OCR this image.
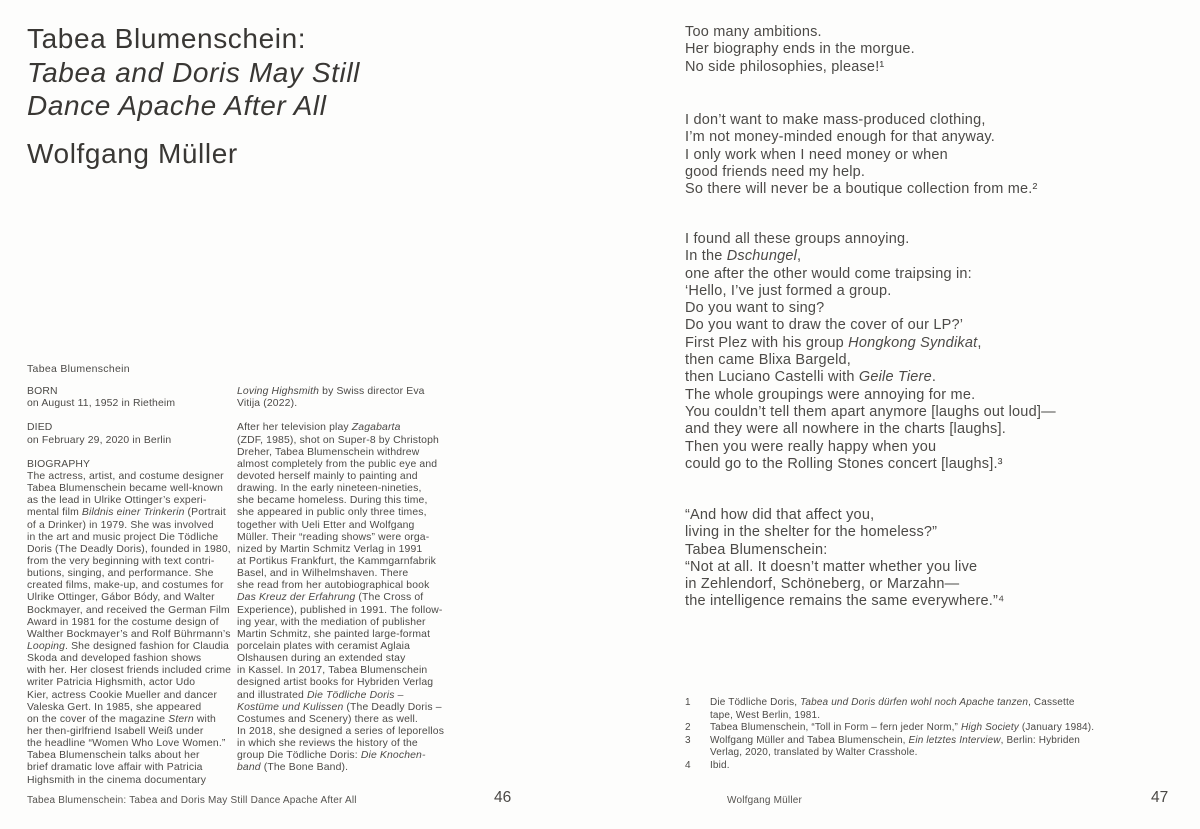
Tabea Blumenschein:
Tabea and Doris May Still
Dance Apache After All
Wolfgang Müller
Tabea Blumenschein
BORN
on August 11, 1952 in Rietheim

DIED
on February 29, 2020 in Berlin

BIOGRAPHY
The actress, artist, and costume designer
Tabea Blumenschein became well-known
as the lead in Ulrike Ottinger’s experi-
mental film Bildnis einer Trinkerin (Portrait
of a Drinker) in 1979. She was involved
in the art and music project Die Tödliche
Doris (The Deadly Doris), founded in 1980,
from the very beginning with text contri-
butions, singing, and performance. She
created films, make-up, and costumes for
Ulrike Ottinger, Gábor Bódy, and Walter
Bockmayer, and received the German Film
Award in 1981 for the costume design of
Walther Bockmayer’s and Rolf Bührmann’s
Looping. She designed fashion for Claudia
Skoda and developed fashion shows
with her. Her closest friends included crime
writer Patricia Highsmith, actor Udo
Kier, actress Cookie Mueller and dancer
Valeska Gert. In 1985, she appeared
on the cover of the magazine Stern with
her then-girlfriend Isabell Weiß under
the headline “Women Who Love Women.”
Tabea Blumenschein talks about her
brief dramatic love affair with Patricia
Highsmith in the cinema documentary
Loving Highsmith by Swiss director Eva
Vitija (2022).

After her television play Zagabarta
(ZDF, 1985), shot on Super-8 by Christoph
Dreher, Tabea Blumenschein withdrew
almost completely from the public eye and
devoted herself mainly to painting and
drawing. In the early nineteen-nineties,
she became homeless. During this time,
she appeared in public only three times,
together with Ueli Etter and Wolfgang
Müller. Their “reading shows” were orga-
nized by Martin Schmitz Verlag in 1991
at Portikus Frankfurt, the Kammgarnfabrik
Basel, and in Wilhelmshaven. There
she read from her autobiographical book
Das Kreuz der Erfahrung (The Cross of
Experience), published in 1991. The follow-
ing year, with the mediation of publisher
Martin Schmitz, she painted large-format
porcelain plates with ceramist Aglaia
Olshausen during an extended stay
in Kassel. In 2017, Tabea Blumenschein
designed artist books for Hybriden Verlag
and illustrated Die Tödliche Doris –
Kostüme und Kulissen (The Deadly Doris –
Costumes and Scenery) there as well.
In 2018, she designed a series of leporellos
in which she reviews the history of the
group Die Tödliche Doris: Die Knochen-
band (The Bone Band).
Too many ambitions.
Her biography ends in the morgue.
No side philosophies, please!¹
I don’t want to make mass-produced clothing,
I’m not money-minded enough for that anyway.
I only work when I need money or when
good friends need my help.
So there will never be a boutique collection from me.²
I found all these groups annoying.
In the Dschungel,
one after the other would come traipsing in:
‘Hello, I’ve just formed a group.
Do you want to sing?
Do you want to draw the cover of our LP?’
First Plez with his group Hongkong Syndikat,
then came Blixa Bargeld,
then Luciano Castelli with Geile Tiere.
The whole groupings were annoying for me.
You couldn’t tell them apart anymore [laughs out loud]—
and they were all nowhere in the charts [laughs].
Then you were really happy when you
could go to the Rolling Stones concert [laughs].³
“And how did that affect you,
living in the shelter for the homeless?”
Tabea Blumenschein:
“Not at all. It doesn’t matter whether you live
in Zehlendorf, Schöneberg, or Marzahn—
the intelligence remains the same everywhere.”⁴
1	Die Tödliche Doris, Tabea und Doris dürfen wohl noch Apache tanzen, Cassette
tape, West Berlin, 1981.
2	Tabea Blumenschein, “Toll in Form – fern jeder Norm,” High Society (January 1984).
3	Wolfgang Müller and Tabea Blumenschein, Ein letztes Interview, Berlin: Hybriden
Verlag, 2020, translated by Walter Crasshole.
4	Ibid.
Tabea Blumenschein: Tabea and Doris May Still Dance Apache After All	46	Wolfgang Müller	47
